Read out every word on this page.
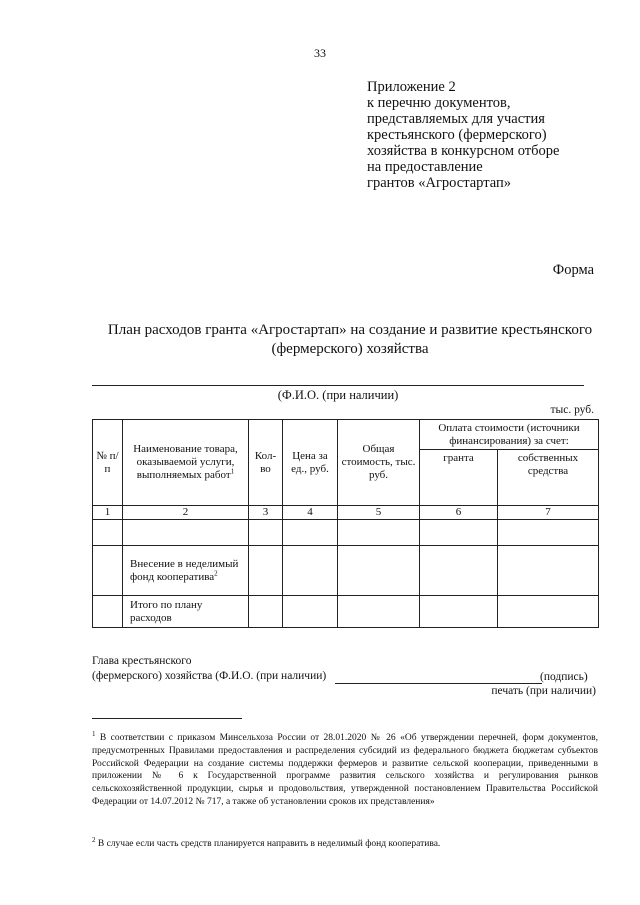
33
Приложение 2
к перечню документов,
представляемых для участия
крестьянского (фермерского)
хозяйства в конкурсном отборе
на предоставление
грантов «Агростартап»
Форма
План расходов гранта «Агростартап» на создание и развитие крестьянского
(фермерского) хозяйства
(Ф.И.О. (при наличии)
тыс. руб.
№ п/п	Наименование товара, оказываемой услуги, выполняемых работ$^1$	Кол-во	Цена за ед., руб.	Общая стоимость, тыс. руб.	Оплата стоимости (источники финансирования) за счет:	
					гранта	собственных средства
1	2	3	4	5	6	7

	Внесение в неделимый фонд кооператива$^2$					
	Итого по плану расходов					
Глава крестьянского
(фермерского) хозяйства (Ф.И.О. (при наличии)	(подпись)
печать (при наличии)
$^1$ В соответствии с приказом Минсельхоза России от 28.01.2020 № 26 «Об утверждении перечней, форм документов, предусмотренных Правилами предоставления и распределения субсидий из федерального бюджета бюджетам субъектов Российской Федерации на создание системы поддержки фермеров и развитие сельской кооперации, приведенными в приложении № 6 к Государственной программе развития сельского хозяйства и регулирования рынков сельскохозяйственной продукции, сырья и продовольствия, утвержденной постановлением Правительства Российской Федерации от 14.07.2012 № 717, а также об установлении сроков их представления»
$^2$ В случае если часть средств планируется направить в неделимый фонд кооператива.
